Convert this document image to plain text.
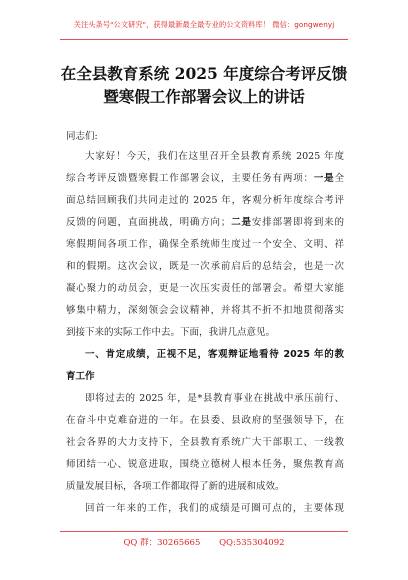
关注头条号"公文研究"，获得最新最全最专业的公文资料库！ 微信：gongwenyj
在全县教育系统 2025 年度综合考评反馈
暨寒假工作部署会议上的讲话
同志们:
大家好！今天，我们在这里召开全县教育系统 2025 年度
综合考评反馈暨寒假工作部署会议，主要任务有两项：一是全
面总结回顾我们共同走过的 2025 年，客观分析年度综合考评
反馈的问题，直面挑战，明确方向；二是安排部署即将到来的
寒假期间各项工作，确保全系统师生度过一个安全、文明、祥
和的假期。这次会议，既是一次承前启后的总结会，也是一次
凝心聚力的动员会，更是一次压实责任的部署会。希望大家能
够集中精力，深刻领会会议精神，并将其不折不扣地贯彻落实
到接下来的实际工作中去。下面，我讲几点意见。
一、肯定成绩，正视不足，客观辩证地看待 2025 年的教
育工作
即将过去的 2025 年，是*县教育事业在挑战中承压前行、
在奋斗中克难奋进的一年。在县委、县政府的坚强领导下，在
社会各界的大力支持下，全县教育系统广大干部职工、一线教
师团结一心、锐意进取，围绕立德树人根本任务，聚焦教育高
质量发展目标，各项工作都取得了新的进展和成效。
回首一年来的工作，我们的成绩是可圈可点的，主要体现
QQ 群：30265665 QQ:535304092
